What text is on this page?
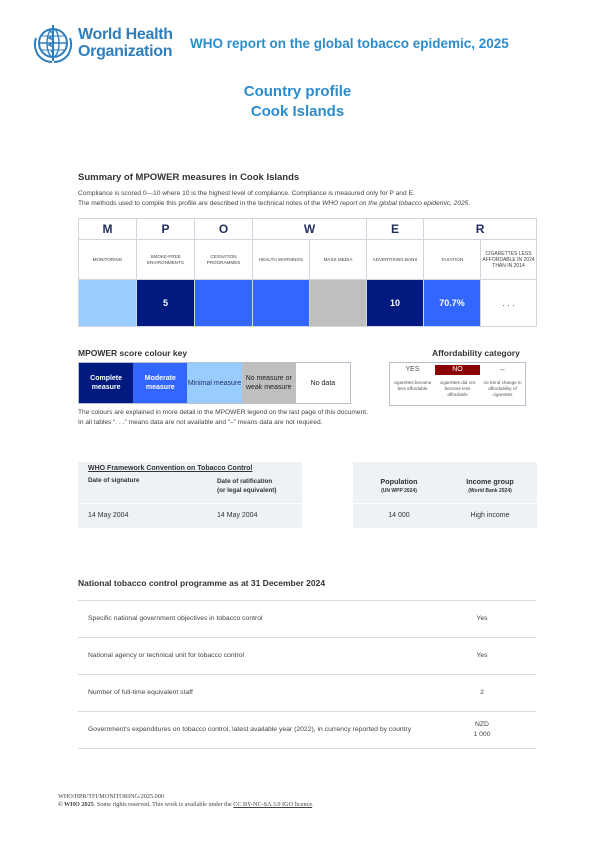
World Health
Organization WHO report on the global tobacco epidemic, 2025
Country profile
Cook Islands
Summary of MPOWER measures in Cook Islands
Compliance is scored 0—10 where 10 is the highest level of compliance. Compliance is measured only for P and E.
The methods used to compile this profile are described in the technical notes of the WHO report on the global tobacco epidemic, 2025.
M	P	O	W		E	R	
MONITORING	SMOKE-FREE ENVIRONMENTS	CESSATION PROGRAMMES	HEALTH WARNINGS	MASS MEDIA	ADVERTISING BANS	TAXATION	CIGARETTES LESS AFFORDABLE IN 2024 THAN IN 2014
	5				10	70.7%	. . .
MPOWER score colour key
Complete measure
Moderate measure
Minimal measure
No measure or weak measure
No data
Affordability category
YES
cigarettes became less affordable
NO
cigarettes did not become less affordable
↔
no trend change in affordability of cigarettes
The colours are explained in more detail in the MPOWER legend on the last page of this document.
In all tables “. . .” means data are not available and “–” means data are not required.
WHO Framework Convention on Tobacco Control
Date of signature	Date of ratification
(or legal equivalent)
14 May 2004	14 May 2004
Population
(UN WPP 2024)
Income group
(World Bank 2024)
14 000	High income
National tobacco control programme as at 31 December 2024
Specific national government objectives in tobacco control	Yes
National agency or technical unit for tobacco control	Yes
Number of full-time equivalent staff	2
Government's expenditures on tobacco control, latest available year (2022), in currency reported by country
NZD
1 000
WHO/HPR/TFI/MONITORING/2025.000
© WHO 2025. Some rights reserved. This work is available under the CC BY-NC-SA 3.0 IGO licence.
